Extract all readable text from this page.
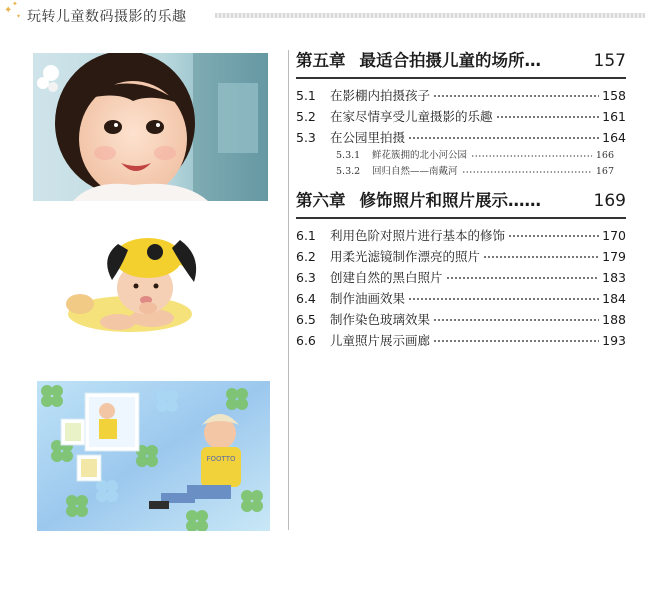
✦
✦
✦ 玩转儿童数码摄影的乐趣
FOOTTO
第五章 最适合拍摄儿童的场所…	157
5.1	在影棚内拍摄孩子	158
5.2	在家尽情享受儿童摄影的乐趣	161
5.3	在公园里拍摄	164
5.3.1	鲜花簇拥的北小河公园	166
5.3.2	回归自然——南戴河	167
第六章 修饰照片和照片展示……	169
6.1	利用色阶对照片进行基本的修饰	170
6.2	用柔光滤镜制作漂亮的照片	179
6.3	创建自然的黑白照片	183
6.4	制作油画效果	184
6.5	制作染色玻璃效果	188
6.6	儿童照片展示画廊	193
